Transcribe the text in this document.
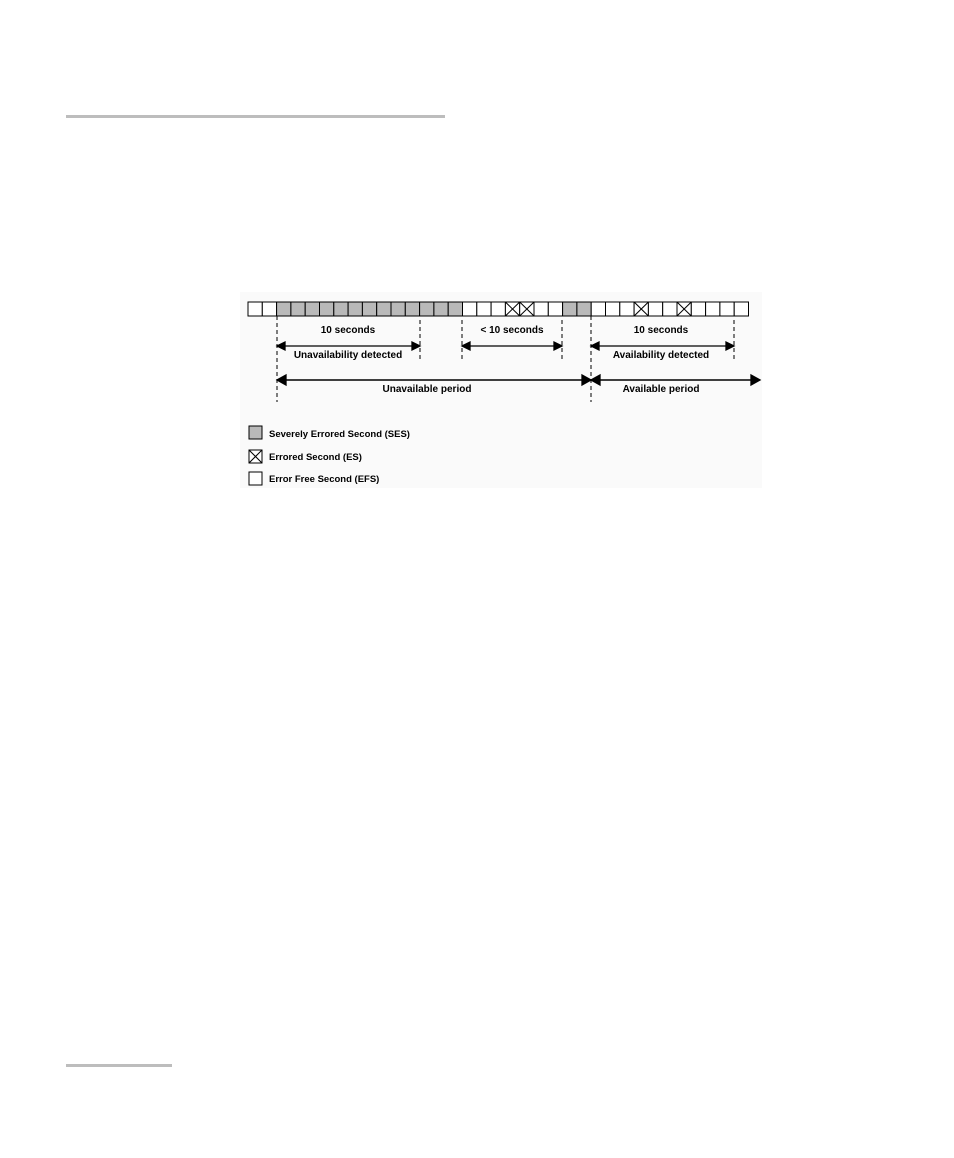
10 seconds	< 10 seconds	10 seconds
Unavailability detected	Availability detected
Unavailable period	Available period
Severely Errored Second (SES)
Errored Second (ES)
Error Free Second (EFS)
